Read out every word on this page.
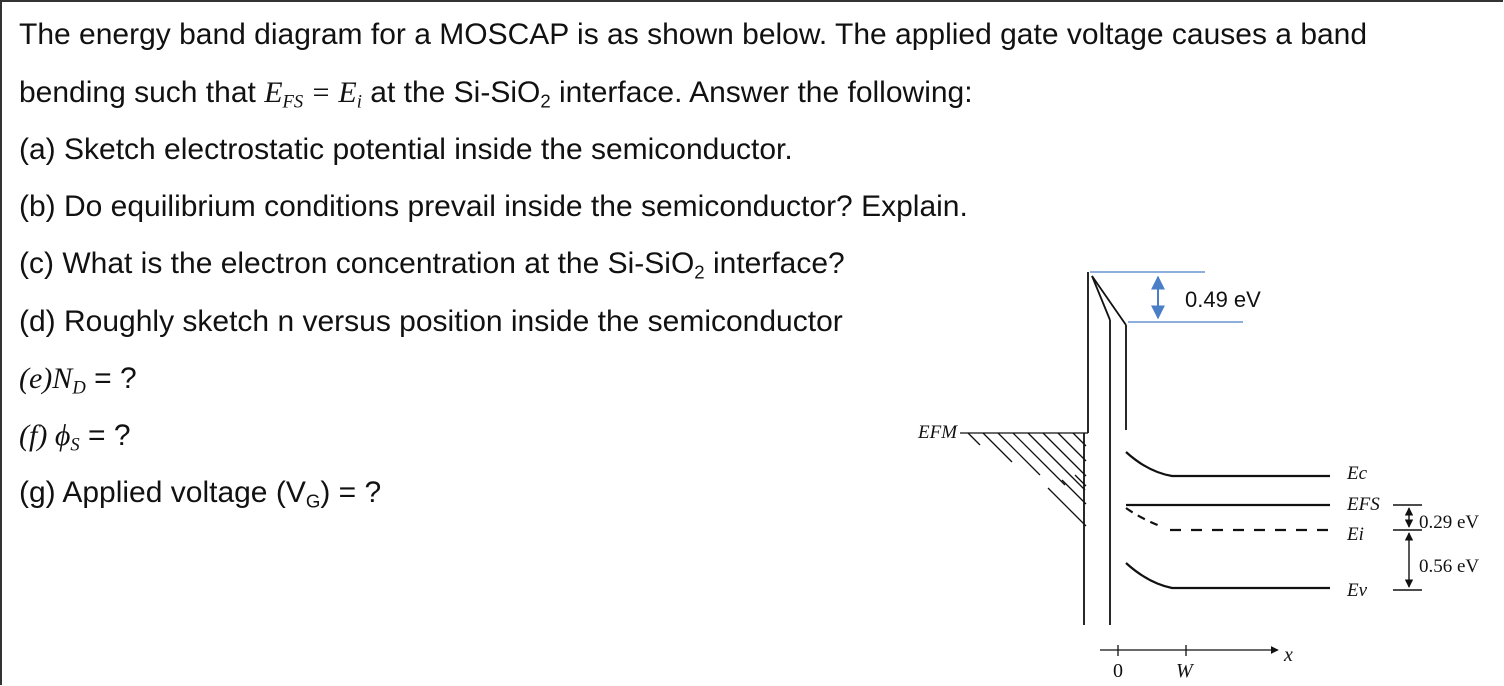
The energy band diagram for a MOSCAP is as shown below. The applied gate voltage causes a band
bending such that $E_{FS} = E_i$ at the Si-SiO$_2$ interface. Answer the following:
(a) Sketch electrostatic potential inside the semiconductor.
(b) Do equilibrium conditions prevail inside the semiconductor? Explain.
(c) What is the electron concentration at the Si-SiO$_2$ interface?
(d) Roughly sketch n versus position inside the semiconductor
$(e)N_D$ = ?
(f) $\phi_S$ = ?
(g) Applied voltage $(V_G)$ = ?
0.49 eV
EFM
Ec
EFS
Ei
Ev
0.29 eV
0.56 eV
0	W
x
